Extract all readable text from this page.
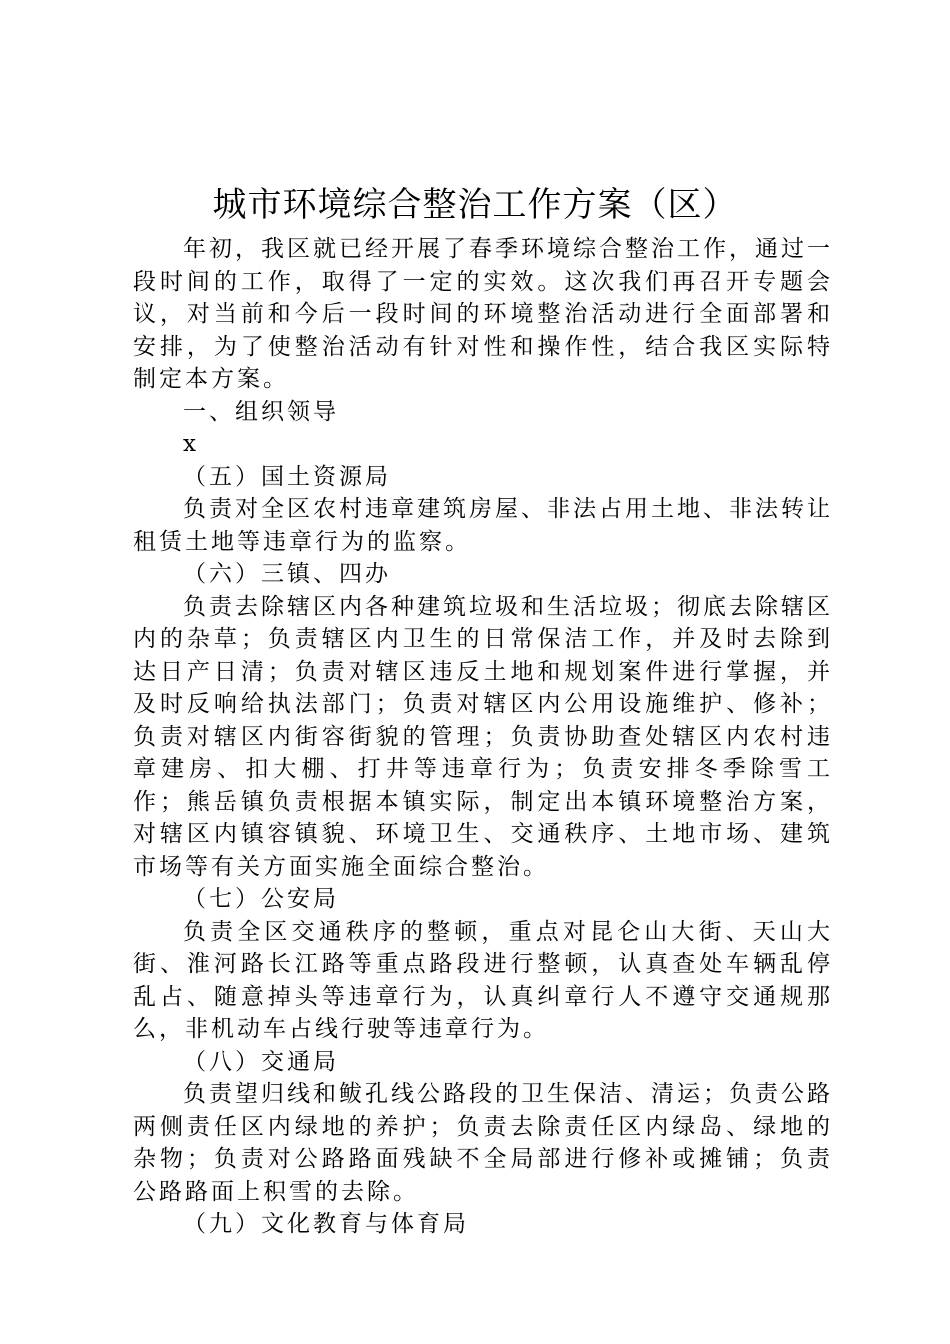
城市环境综合整治工作方案（区）

年初，我区就已经开展了春季环境综合整治工作，通过一段时间的工作，取得了一定的实效。这次我们再召开专题会议，对当前和今后一段时间的环境整治活动进行全面部署和安排，为了使整治活动有针对性和操作性，结合我区实际特制定本方案。

一、组织领导

x

（五）国土资源局

负责对全区农村违章建筑房屋、非法占用土地、非法转让租赁土地等违章行为的监察。

（六）三镇、四办

负责去除辖区内各种建筑垃圾和生活垃圾；彻底去除辖区内的杂草；负责辖区内卫生的日常保洁工作，并及时去除到达日产日清；负责对辖区违反土地和规划案件进行掌握，并及时反响给执法部门；负责对辖区内公用设施维护、修补；负责对辖区内街容街貌的管理；负责协助查处辖区内农村违章建房、扣大棚、打井等违章行为；负责安排冬季除雪工作；熊岳镇负责根据本镇实际，制定出本镇环境整治方案，对辖区内镇容镇貌、环境卫生、交通秩序、土地市场、建筑市场等有关方面实施全面综合整治。

（七）公安局

负责全区交通秩序的整顿，重点对昆仑山大街、天山大街、淮河路长江路等重点路段进行整顿，认真查处车辆乱停乱占、随意掉头等违章行为，认真纠章行人不遵守交通规那么，非机动车占线行驶等违章行为。

（八）交通局

负责望归线和鲅孔线公路段的卫生保洁、清运；负责公路两侧责任区内绿地的养护；负责去除责任区内绿岛、绿地的杂物；负责对公路路面残缺不全局部进行修补或摊铺；负责公路路面上积雪的去除。

（九）文化教育与体育局
